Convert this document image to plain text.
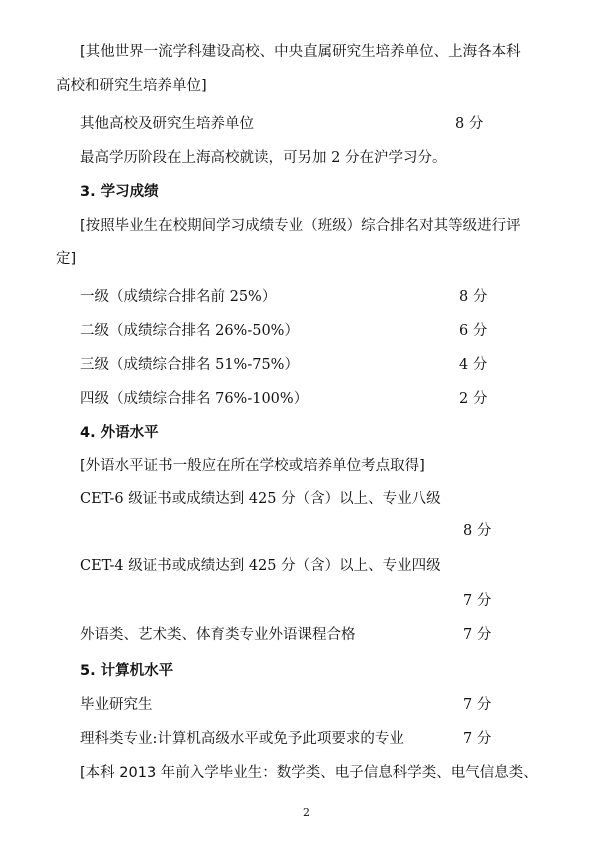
[其他世界一流学科建设高校、中央直属研究生培养单位、上海各本科
高校和研究生培养单位]
其他高校及研究生培养单位	8 分
最高学历阶段在上海高校就读，可另加 2 分在沪学习分。
3. 学习成绩
[按照毕业生在校期间学习成绩专业（班级）综合排名对其等级进行评
定]
一级（成绩综合排名前 25%）	8 分
二级（成绩综合排名 26%-50%）	6 分
三级（成绩综合排名 51%-75%）	4 分
四级（成绩综合排名 76%-100%）	2 分
4. 外语水平
[外语水平证书一般应在所在学校或培养单位考点取得]
CET-6 级证书或成绩达到 425 分（含）以上、专业八级
8 分
CET-4 级证书或成绩达到 425 分（含）以上、专业四级
7 分
外语类、艺术类、体育类专业外语课程合格	7 分
5. 计算机水平
毕业研究生	7 分
理科类专业:计算机高级水平或免予此项要求的专业	7 分
[本科 2013 年前入学毕业生：数学类、电子信息科学类、电气信息类、
2
